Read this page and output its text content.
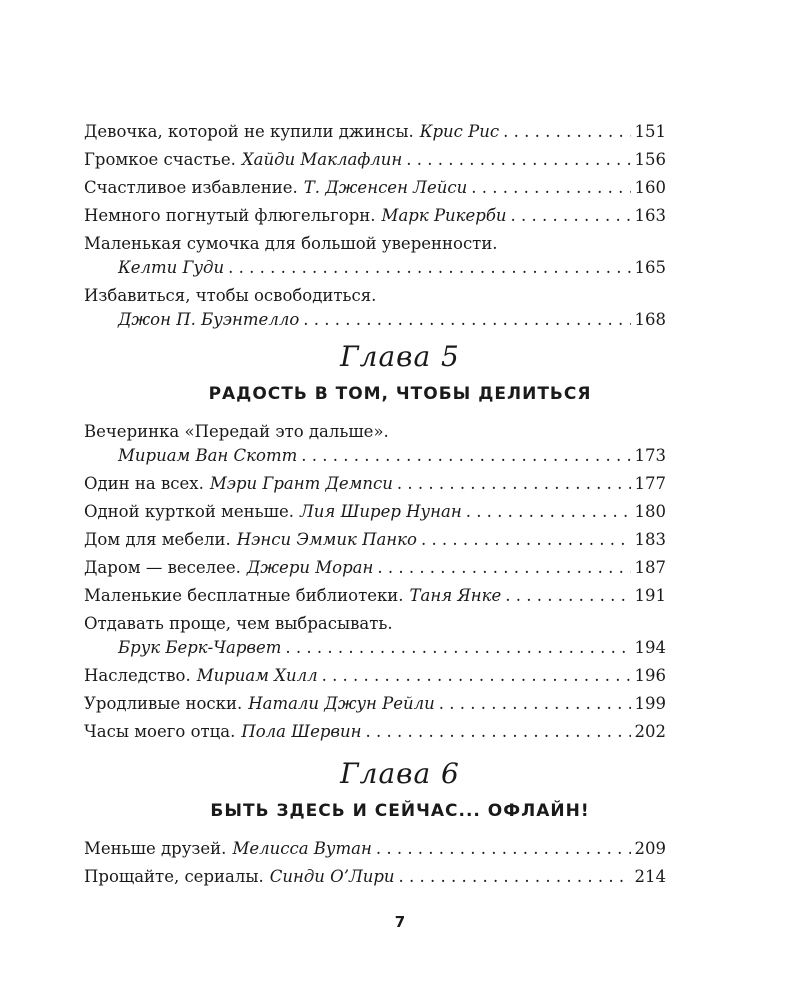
Девочка, которой не купили джинсы. Крис Рис . . .	151
Громкое счастье. Хайди Маклафлин . . .	156
Счастливое избавление. Т. Дженсен Лейси . . .	160
Немного погнутый флюгельгорн. Марк Рикерби . . .	163
Маленькая сумочка для большой уверенности.
Келти Гуди . . .	165
Избавиться, чтобы освободиться.
Джон П. Буэнтелло . . .	168
Глава 5
РАДОСТЬ В ТОМ, ЧТОБЫ ДЕЛИТЬСЯ
Вечеринка «Передай это дальше».
Мириам Ван Скотт . . .	173
Один на всех. Мэри Грант Демпси . . .	177
Одной курткой меньше. Лия Ширер Нунан . . .	180
Дом для мебели. Нэнси Эммик Панко . . .	183
Даром — веселее. Джери Моран . . .	187
Маленькие бесплатные библиотеки. Таня Янке . . .	191
Отдавать проще, чем выбрасывать.
Брук Берк-Чарвет . . .	194
Наследство. Мириам Хилл . . .	196
Уродливые носки. Натали Джун Рейли . . .	199
Часы моего отца. Пола Шервин . . .	202
Глава 6
БЫТЬ ЗДЕСЬ И СЕЙЧАС... ОФЛАЙН!
Меньше друзей. Мелисса Вутан . . .	209
Прощайте, сериалы. Синди О’Лири . . .	214
7
